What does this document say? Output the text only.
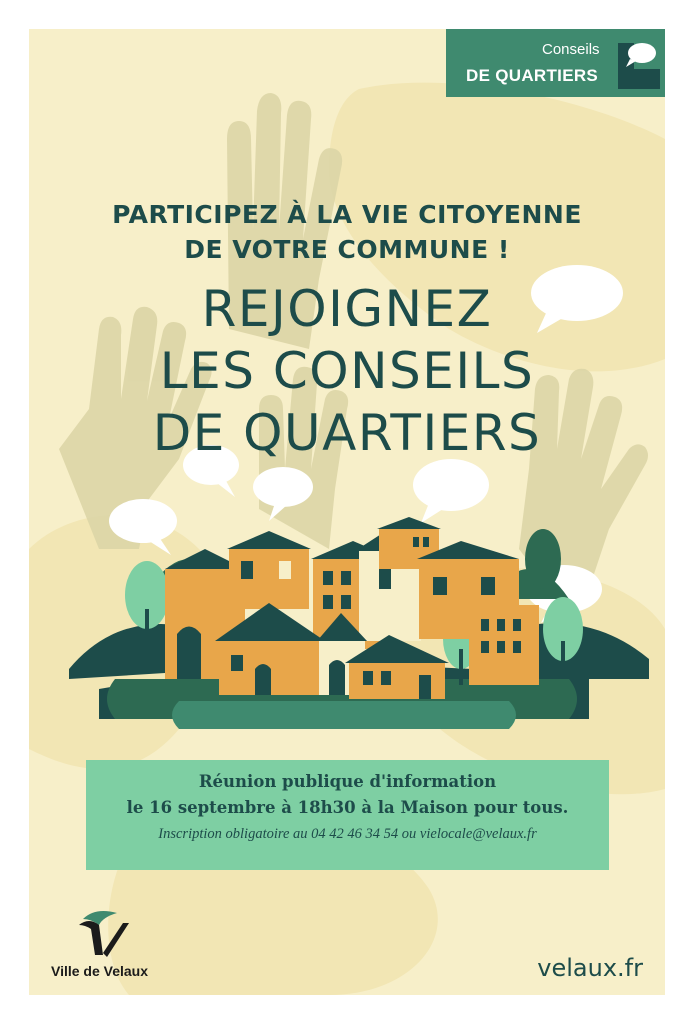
Conseils
DE QUARTIERS
PARTICIPEZ À LA VIE CITOYENNE
DE VOTRE COMMUNE !
REJOIGNEZ
LES CONSEILS
DE QUARTIERS
Réunion publique d'information
le 16 septembre à 18h30 à la Maison pour tous.
Inscription obligatoire au 04 42 46 34 54 ou vielocale@velaux.fr
Ville de Velaux	velaux.fr
